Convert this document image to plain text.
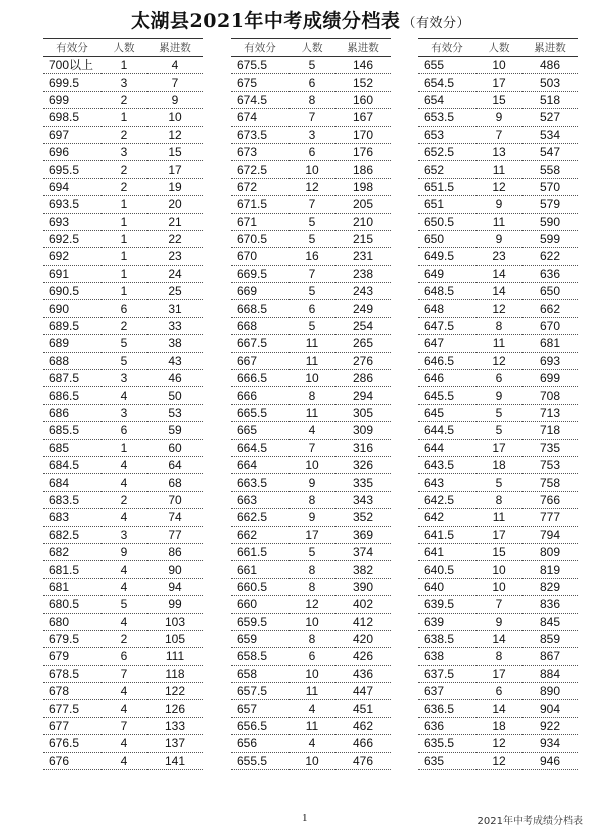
太湖县2021年中考成绩分档表 （有效分）
有效分	人数	累进数
700以上	1	4
699.5	3	7
699	2	9
698.5	1	10
697	2	12
696	3	15
695.5	2	17
694	2	19
693.5	1	20
693	1	21
692.5	1	22
692	1	23
691	1	24
690.5	1	25
690	6	31
689.5	2	33
689	5	38
688	5	43
687.5	3	46
686.5	4	50
686	3	53
685.5	6	59
685	1	60
684.5	4	64
684	4	68
683.5	2	70
683	4	74
682.5	3	77
682	9	86
681.5	4	90
681	4	94
680.5	5	99
680	4	103
679.5	2	105
679	6	111
678.5	7	118
678	4	122
677.5	4	126
677	7	133
676.5	4	137
676	4	141
有效分	人数	累进数
675.5	5	146
675	6	152
674.5	8	160
674	7	167
673.5	3	170
673	6	176
672.5	10	186
672	12	198
671.5	7	205
671	5	210
670.5	5	215
670	16	231
669.5	7	238
669	5	243
668.5	6	249
668	5	254
667.5	11	265
667	11	276
666.5	10	286
666	8	294
665.5	11	305
665	4	309
664.5	7	316
664	10	326
663.5	9	335
663	8	343
662.5	9	352
662	17	369
661.5	5	374
661	8	382
660.5	8	390
660	12	402
659.5	10	412
659	8	420
658.5	6	426
658	10	436
657.5	11	447
657	4	451
656.5	11	462
656	4	466
655.5	10	476
有效分	人数	累进数
655	10	486
654.5	17	503
654	15	518
653.5	9	527
653	7	534
652.5	13	547
652	11	558
651.5	12	570
651	9	579
650.5	11	590
650	9	599
649.5	23	622
649	14	636
648.5	14	650
648	12	662
647.5	8	670
647	11	681
646.5	12	693
646	6	699
645.5	9	708
645	5	713
644.5	5	718
644	17	735
643.5	18	753
643	5	758
642.5	8	766
642	11	777
641.5	17	794
641	15	809
640.5	10	819
640	10	829
639.5	7	836
639	9	845
638.5	14	859
638	8	867
637.5	17	884
637	6	890
636.5	14	904
636	18	922
635.5	12	934
635	12	946
1	2021年中考成绩分档表
